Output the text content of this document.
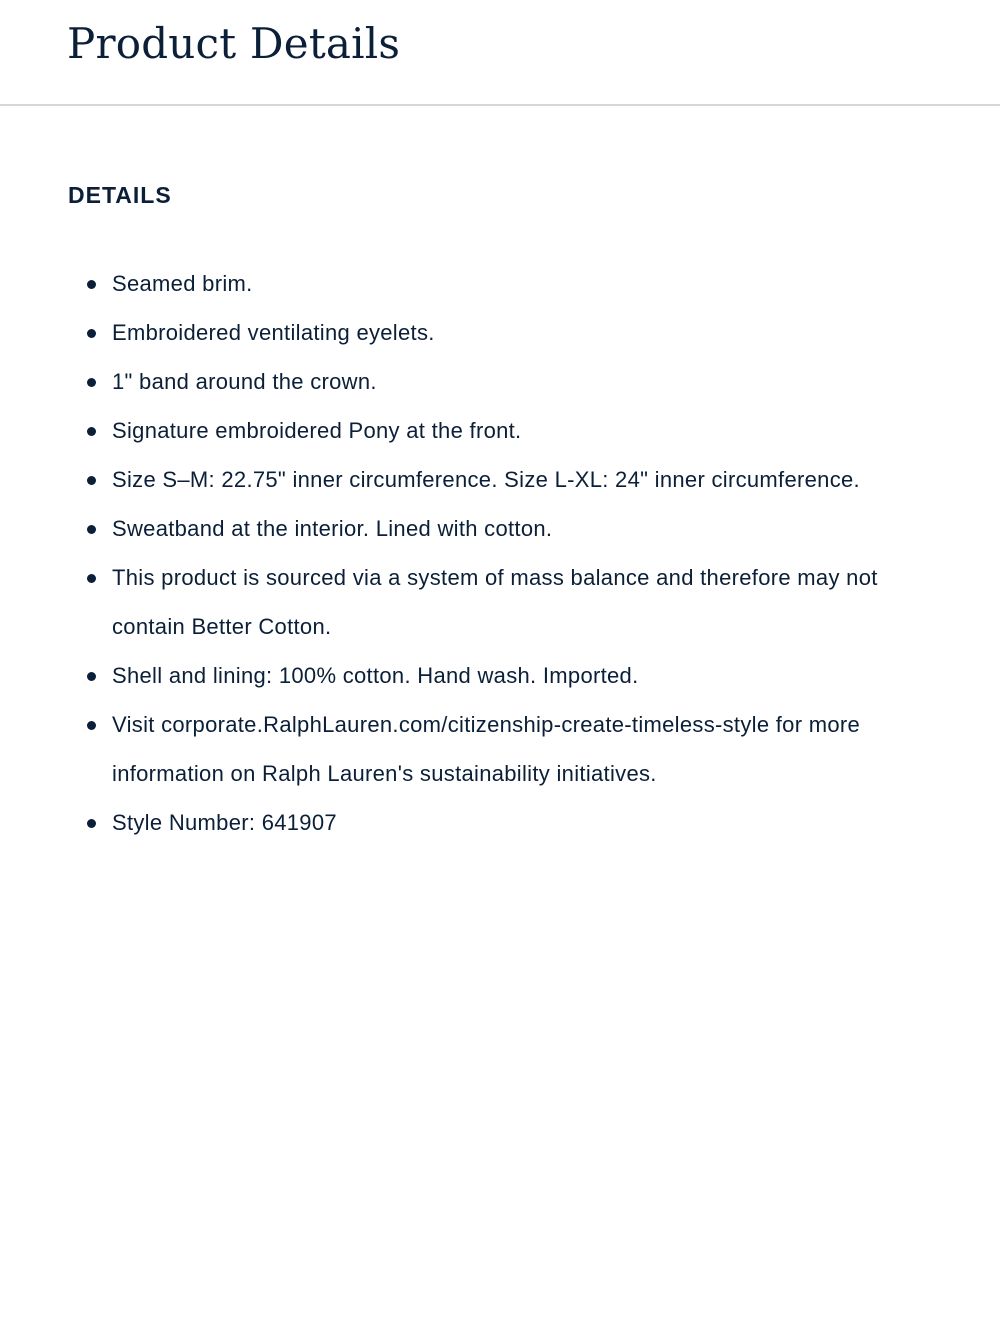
Product Details
DETAILS
Seamed brim.
Embroidered ventilating eyelets.
1" band around the crown.
Signature embroidered Pony at the front.
Size S–M: 22.75" inner circumference. Size L-XL: 24" inner circumference.
Sweatband at the interior. Lined with cotton.
This product is sourced via a system of mass balance and therefore may not contain Better Cotton.
Shell and lining: 100% cotton. Hand wash. Imported.
Visit corporate.RalphLauren.com/citizenship-create-timeless-style for more information on Ralph Lauren's sustainability initiatives.
Style Number: 641907
